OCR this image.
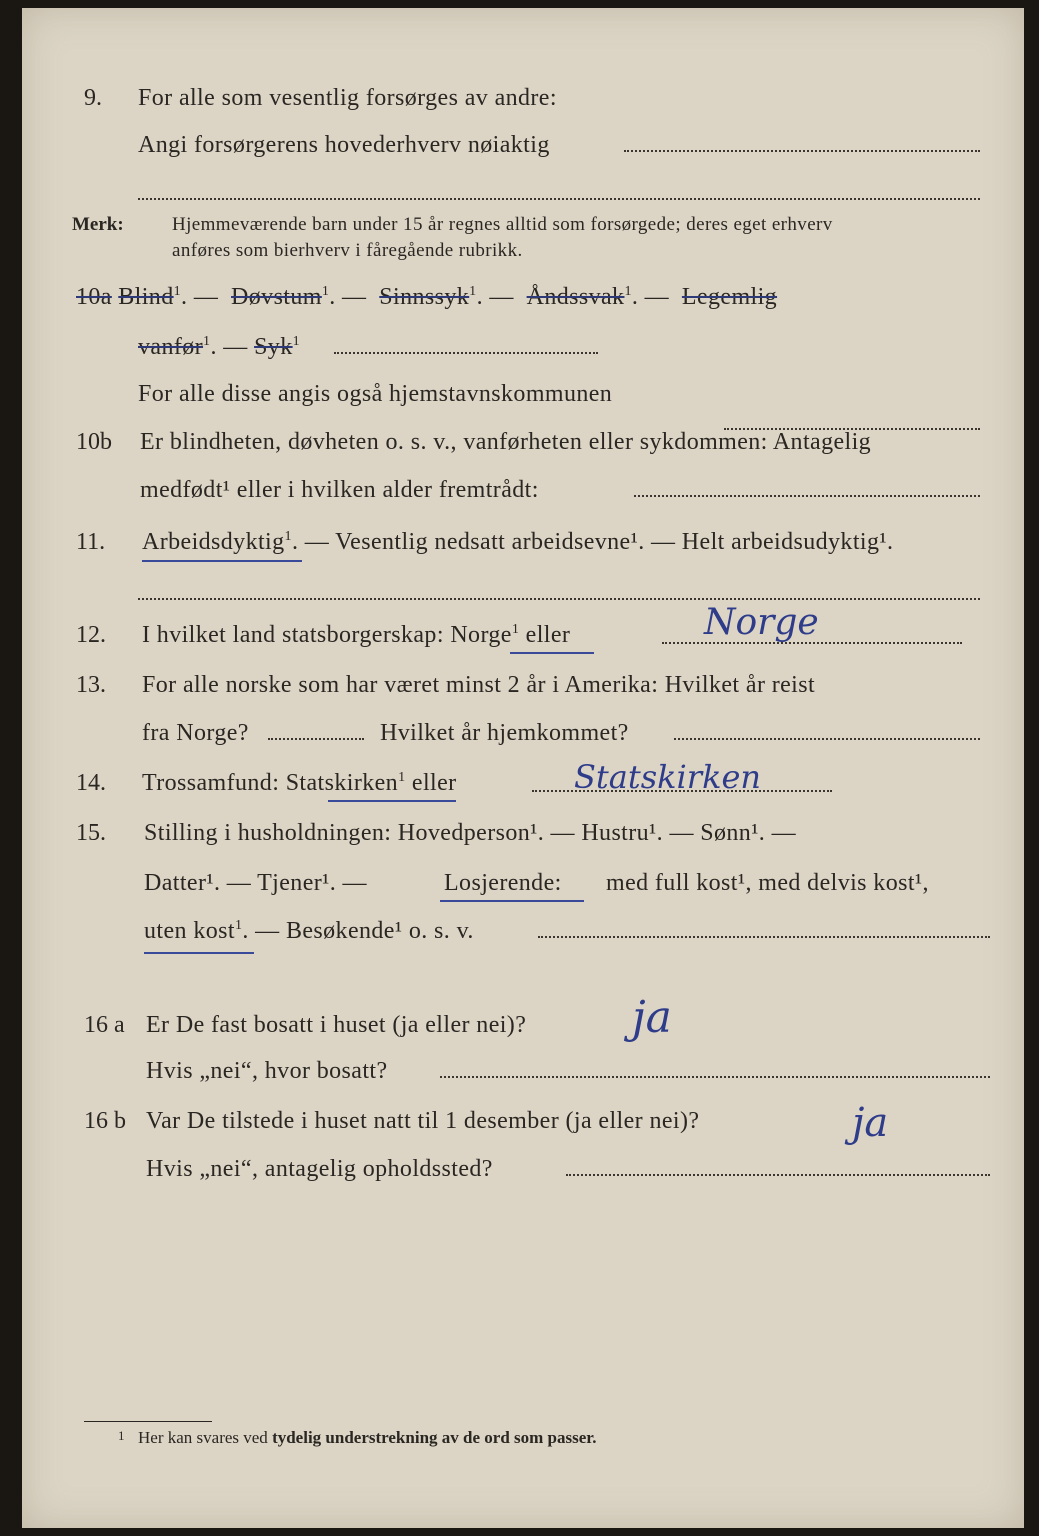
9. For alle som vesentlig forsørges av andre:
Angi forsørgerens hovederhverv nøiaktig
Merk:	Hjemmeværende barn under 15 år regnes alltid som forsørgede; deres eget erhverv
anføres som bierhverv i fåregående rubrikk.
10a Blind$^1$. — Døvstum$^1$. — Sinnssyk$^1$. — Åndssvak$^1$. — Legemlig
vanfør$^1$. — Syk$^1$
For alle disse angis også hjemstavnskommunen
10b Er blindheten, døvheten o. s. v., vanførheten eller sykdommen: Antagelig
medfødt¹ eller i hvilken alder fremtrådt:
11. Arbeidsdyktig$^1$. — Vesentlig nedsatt arbeidsevne¹. — Helt arbeidsudyktig¹.
12. I hvilket land statsborgerskap: Norge$^1$ eller	Norge
13. For alle norske som har været minst 2 år i Amerika: Hvilket år reist
fra Norge?	Hvilket år hjemkommet?
14. Trossamfund: Statskirken$^1$ eller	Statskirken
15. Stilling i husholdningen: Hovedperson¹. — Hustru¹. — Sønn¹. —
Datter¹. — Tjener¹. —	Losjerende: med full kost¹, med delvis kost¹,
uten kost$^1$. — Besøkende¹ o. s. v.
16 a Er De fast bosatt i huset (ja eller nei)? ja
Hvis „nei“, hvor bosatt?
16 b Var De tilstede i huset natt til 1 desember (ja eller nei)?	ja
Hvis „nei“, antagelig opholdssted?
1 Her kan svares ved tydelig understrekning av de ord som passer.
